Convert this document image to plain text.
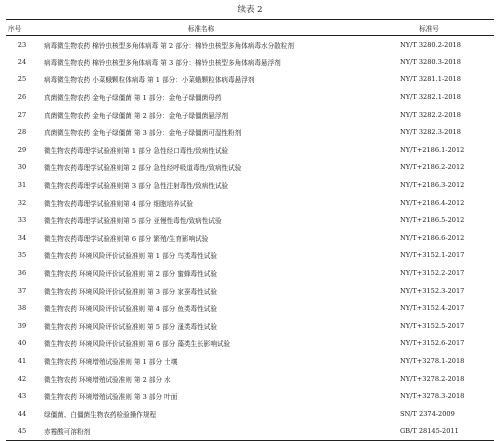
续表 2
序号	标准名称	标准号
23	病毒微生物农药 棉铃虫核型多角体病毒 第 2 部分：棉铃虫核型多角体病毒水分散粒剂	NY/T 3280.2-2018
24	病毒微生物农药 棉铃虫核型多角体病毒 第 3 部分：棉铃虫核型多角体病毒悬浮剂	NY/T 3280.3-2018
25	病毒微生物农药 小菜蛾颗粒体病毒 第 1 部分：小菜蛾颗粒体病毒悬浮剂	NY/T 3281.1-2018
26	真菌微生物农药 金龟子绿僵菌 第 1 部分：金龟子绿僵菌母药	NY/T 3282.1-2018
27	真菌微生物农药 金龟子绿僵菌 第 2 部分：金龟子绿僵菌悬浮剂	NY/T 3282.2-2018
28	真菌微生物农药 金龟子绿僵菌 第 3 部分：金龟子绿僵菌可湿性粉剂	NY/T 3282.3-2018
29	微生物农药毒理学试验准则第 1 部分 急性经口毒性/致病性试验	NY/T+2186.1-2012
30	微生物农药毒理学试验准则第 2 部分 急性经呼吸道毒性/致病性试验	NY/T+2186.2-2012
31	微生物农药毒理学试验准则第 3 部分 急性注射毒性/致病性试验	NY/T+2186.3-2012
32	微生物农药毒理学试验准则第 4 部分 细胞培养试验	NY/T+2186.4-2012
33	微生物农药毒理学试验准则第 5 部分 亚慢性毒性/致病性试验	NY/T+2186.5-2012
34	微生物农药毒理学试验准则第 6 部分 繁殖/生育影响试验	NY/T+2186.6-2012
35	微生物农药 环境风险评价试验准则 第 1 部分 鸟类毒性试验	NY/T+3152.1-2017
36	微生物农药 环境风险评价试验准则 第 2 部分 蜜蜂毒性试验	NY/T+3152.2-2017
37	微生物农药 环境风险评价试验准则 第 3 部分 家蚕毒性试验	NY/T+3152.3-2017
38	微生物农药 环境风险评价试验准则 第 4 部分 鱼类毒性试验	NY/T+3152.4-2017
39	微生物农药 环境风险评价试验准则 第 5 部分 溞类毒性试验	NY/T+3152.5-2017
40	微生物农药 环境风险评价试验准则 第 6 部分 藻类生长影响试验	NY/T+3152.6-2017
41	微生物农药 环境增殖试验准则 第 1 部分 土壤	NY/T+3278.1-2018
42	微生物农药 环境增殖试验准则 第 2 部分 水	NY/T+3278.2-2018
43	微生物农药 环境增殖试验准则 第 3 部分 叶面	NY/T+3278.3-2018
44	绿僵菌、白僵菌生物农药检验操作规程	SN/T 2374-2009
45	赤霉酸可溶粉剂	GB/T 28145-2011
